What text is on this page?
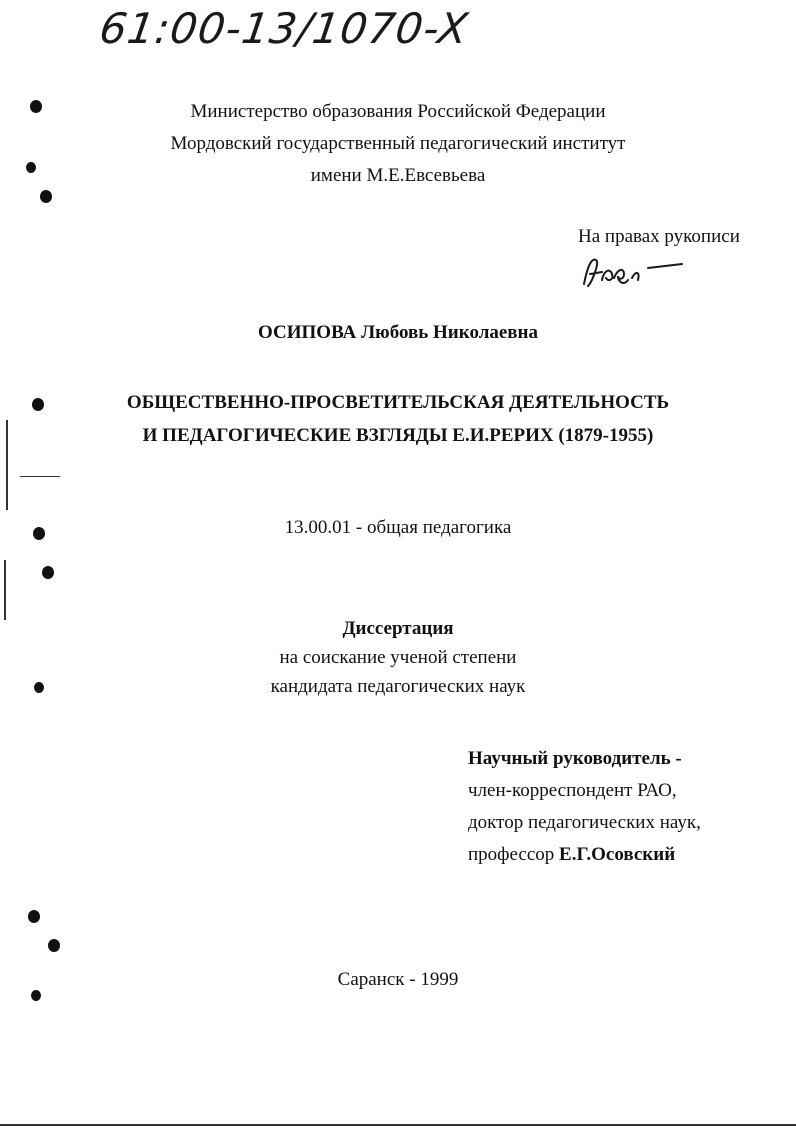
61:00-13/1070-X
Министерство образования Российской Федерации
Мордовский государственный педагогический институт
имени М.Е.Евсевьева
На правах рукописи
ОСИПОВА Любовь Николаевна
ОБЩЕСТВЕННО-ПРОСВЕТИТЕЛЬСКАЯ ДЕЯТЕЛЬНОСТЬ
И ПЕДАГОГИЧЕСКИЕ ВЗГЛЯДЫ Е.И.РЕРИХ (1879-1955)
13.00.01 - общая педагогика
Диссертация
на соискание ученой степени
кандидата педагогических наук
Научный руководитель -
член-корреспондент РАО,
доктор педагогических наук,
профессор Е.Г.Осовский
Саранск - 1999
